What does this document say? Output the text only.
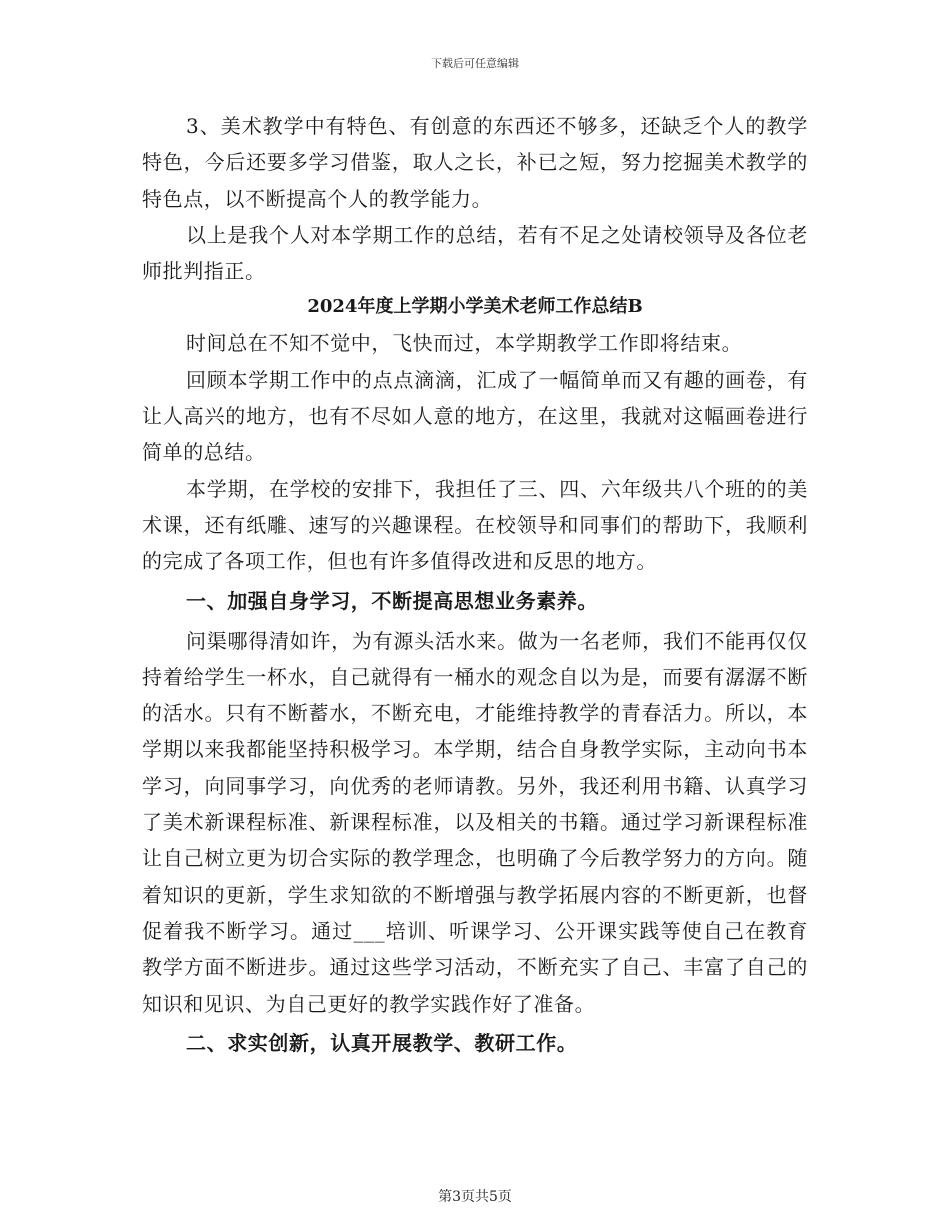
下载后可任意编辑

3、美术教学中有特色、有创意的东西还不够多，还缺乏个人的教学特色，今后还要多学习借鉴，取人之长，补已之短，努力挖掘美术教学的特色点，以不断提高个人的教学能力。

以上是我个人对本学期工作的总结，若有不足之处请校领导及各位老师批判指正。

2024年度上学期小学美术老师工作总结B

时间总在不知不觉中，飞快而过，本学期教学工作即将结束。

回顾本学期工作中的点点滴滴，汇成了一幅简单而又有趣的画卷，有让人高兴的地方，也有不尽如人意的地方，在这里，我就对这幅画卷进行简单的总结。

本学期，在学校的安排下，我担任了三、四、六年级共八个班的的美术课，还有纸雕、速写的兴趣课程。在校领导和同事们的帮助下，我顺利的完成了各项工作，但也有许多值得改进和反思的地方。

一、加强自身学习，不断提高思想业务素养。

问渠哪得清如许，为有源头活水来。做为一名老师，我们不能再仅仅持着给学生一杯水，自己就得有一桶水的观念自以为是，而要有潺潺不断的活水。只有不断蓄水，不断充电，才能维持教学的青春活力。所以，本学期以来我都能坚持积极学习。本学期，结合自身教学实际，主动向书本学习，向同事学习，向优秀的老师请教。另外，我还利用书籍、认真学习了美术新课程标准、新课程标准，以及相关的书籍。通过学习新课程标准让自己树立更为切合实际的教学理念，也明确了今后教学努力的方向。随着知识的更新，学生求知欲的不断增强与教学拓展内容的不断更新，也督促着我不断学习。通过___培训、听课学习、公开课实践等使自己在教育教学方面不断进步。通过这些学习活动，不断充实了自己、丰富了自己的知识和见识、为自己更好的教学实践作好了准备。

二、求实创新，认真开展教学、教研工作。

第3页共5页
